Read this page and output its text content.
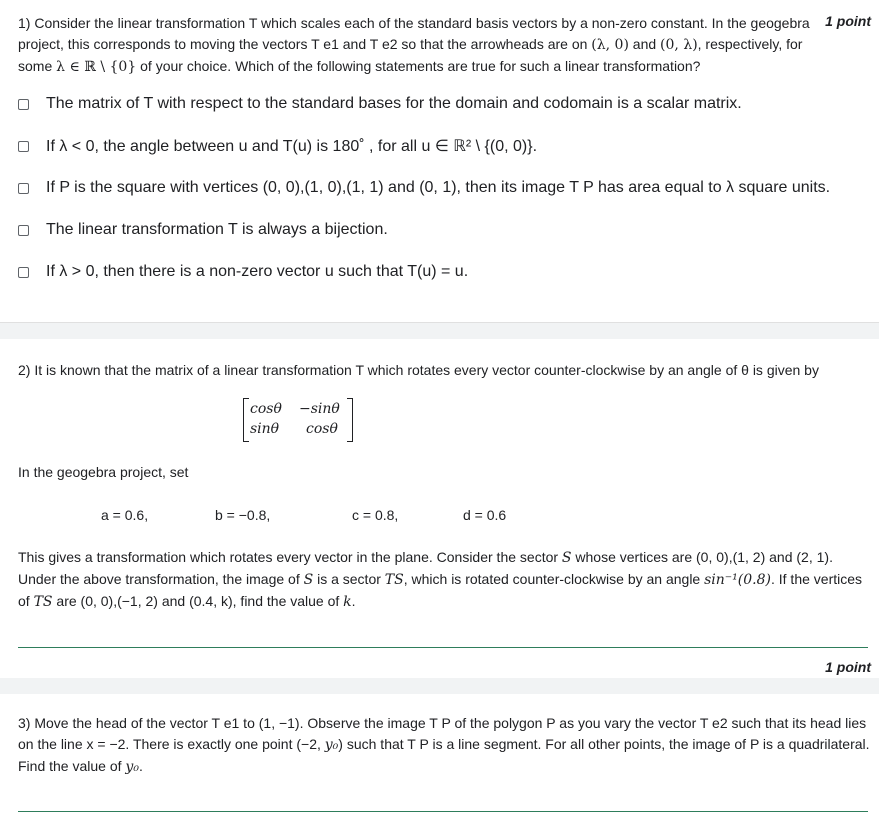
1) Consider the linear transformation T which scales each of the standard basis vectors by a non-zero constant. In the geogebra project, this corresponds to moving the vectors T e1 and T e2 so that the arrowheads are on (λ, 0) and (0, λ), respectively, for some λ ∈ ℝ \ {0} of your choice. Which of the following statements are true for such a linear transformation?
1 point
The matrix of T with respect to the standard bases for the domain and codomain is a scalar matrix.
If λ < 0, the angle between u and T(u) is 180˚ , for all u ∈ ℝ² \ {(0, 0)}.
If P is the square with vertices (0, 0),(1, 0),(1, 1) and (0, 1), then its image T P has area equal to λ square units.
The linear transformation T is always a bijection.
If λ > 0, then there is a non-zero vector u such that T(u) = u.
2) It is known that the matrix of a linear transformation T which rotates every vector counter-clockwise by an angle of θ is given by
cosθ −sinθ
sinθ cosθ
In the geogebra project, set
a = 0.6,	b = −0.8,	c = 0.8,	d = 0.6
This gives a transformation which rotates every vector in the plane. Consider the sector S whose vertices are (0, 0),(1, 2) and (2, 1). Under the above transformation, the image of S is a sector TS, which is rotated counter-clockwise by an angle sin⁻¹(0.8). If the vertices of TS are (0, 0),(−1, 2) and (0.4, k), find the value of k.
1 point
3) Move the head of the vector T e1 to (1, −1). Observe the image T P of the polygon P as you vary the vector T e2 such that its head lies on the line x = −2. There is exactly one point (−2, y₀) such that T P is a line segment. For all other points, the image of P is a quadrilateral. Find the value of y₀.
